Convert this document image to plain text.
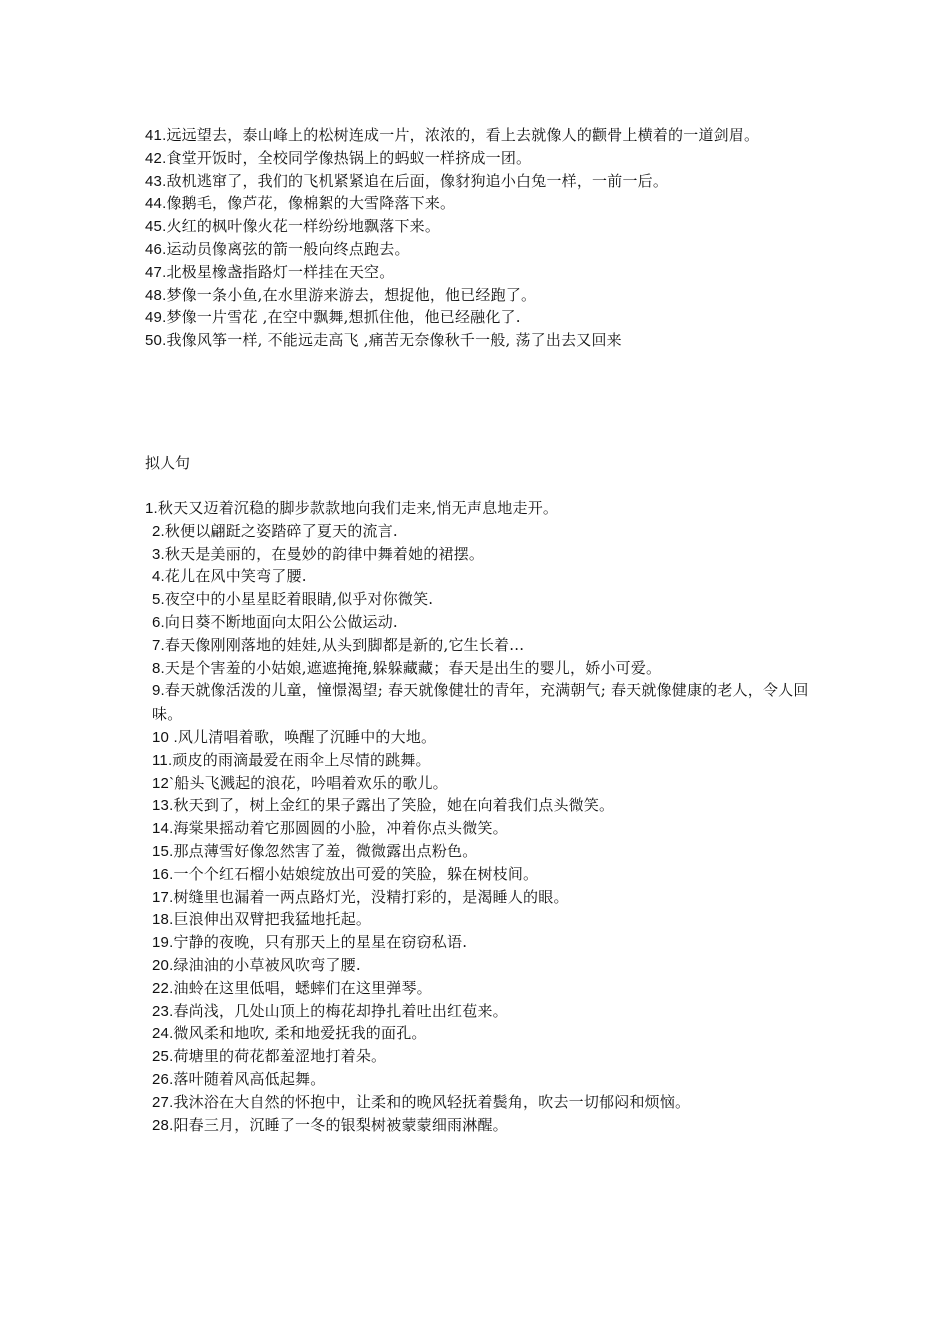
41.远远望去，泰山峰上的松树连成一片，浓浓的，看上去就像人的颧骨上横着的一道剑眉。
42.食堂开饭时，全校同学像热锅上的蚂蚁一样挤成一团。
43.敌机逃窜了，我们的飞机紧紧追在后面，像豺狗追小白兔一样，一前一后。
44.像鹅毛，像芦花，像棉絮的大雪降落下来。
45.火红的枫叶像火花一样纷纷地飘落下来。
46.运动员像离弦的箭一般向终点跑去。
47.北极星橡盏指路灯一样挂在天空。
48.梦像一条小鱼,在水里游来游去，想捉他，他已经跑了。
49.梦像一片雪花 ,在空中飘舞,想抓住他，他已经融化了.
50.我像风筝一样, 不能远走高飞 ,痛苦无奈像秋千一般, 荡了出去又回来
拟人句
1.秋天又迈着沉稳的脚步款款地向我们走来,悄无声息地走开。
2.秋便以翩跹之姿踏碎了夏天的流言.
3.秋天是美丽的，在曼妙的韵律中舞着她的裙摆。
4.花儿在风中笑弯了腰.
5.夜空中的小星星眨着眼睛,似乎对你微笑.
6.向日葵不断地面向太阳公公做运动.
7.春天像刚刚落地的娃娃,从头到脚都是新的,它生长着...
8.天是个害羞的小姑娘,遮遮掩掩,躲躲藏藏；春天是出生的婴儿，娇小可爱。
9.春天就像活泼的儿童，憧憬渴望; 春天就像健壮的青年，充满朝气; 春天就像健康的老人，令人回味。
10 .风儿清唱着歌，唤醒了沉睡中的大地。
11.顽皮的雨滴最爱在雨伞上尽情的跳舞。
12`船头飞溅起的浪花，吟唱着欢乐的歌儿。
13.秋天到了，树上金红的果子露出了笑脸，她在向着我们点头微笑。
14.海棠果摇动着它那圆圆的小脸，冲着你点头微笑。
15.那点薄雪好像忽然害了羞，微微露出点粉色。
16.一个个红石榴小姑娘绽放出可爱的笑脸，躲在树枝间。
17.树缝里也漏着一两点路灯光，没精打彩的，是渴睡人的眼。
18.巨浪伸出双臂把我猛地托起。
19.宁静的夜晚，只有那天上的星星在窃窃私语.
20.绿油油的小草被风吹弯了腰.
22.油蛉在这里低唱，蟋蟀们在这里弹琴。
23.春尚浅，几处山顶上的梅花却挣扎着吐出红苞来。
24.微风柔和地吹, 柔和地爱抚我的面孔。
25.荷塘里的荷花都羞涩地打着朵。
26.落叶随着风高低起舞。
27.我沐浴在大自然的怀抱中，让柔和的晚风轻抚着鬓角，吹去一切郁闷和烦恼。
28.阳春三月，沉睡了一冬的银梨树被蒙蒙细雨淋醒。
